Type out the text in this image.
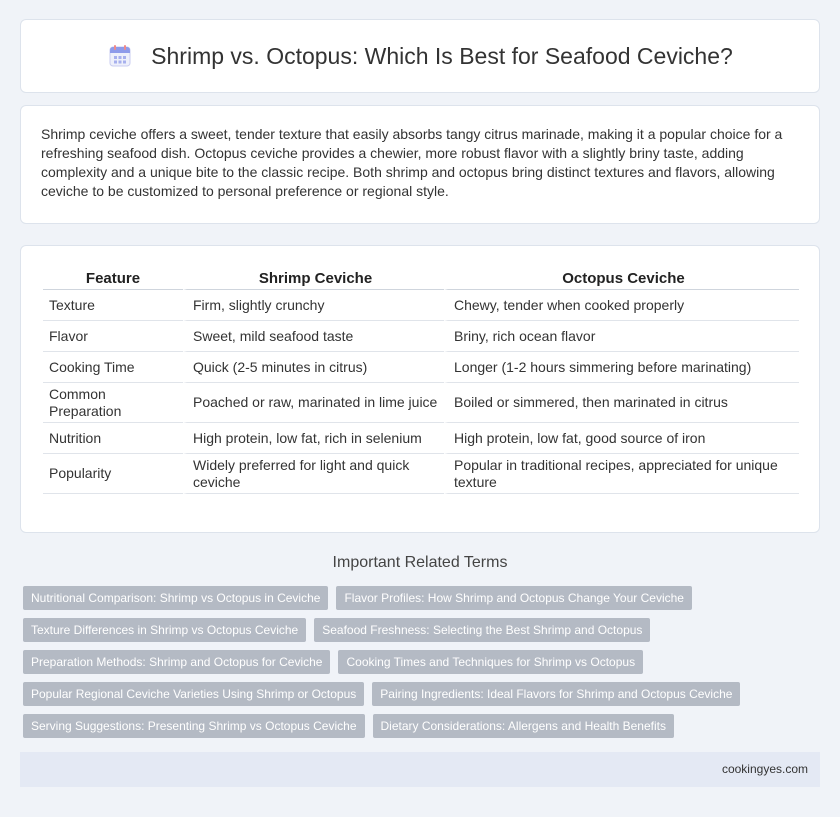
Shrimp vs. Octopus: Which Is Best for Seafood Ceviche?

Shrimp ceviche offers a sweet, tender texture that easily absorbs tangy citrus marinade, making it a popular choice for a refreshing seafood dish. Octopus ceviche provides a chewier, more robust flavor with a slightly briny taste, adding complexity and a unique bite to the classic recipe. Both shrimp and octopus bring distinct textures and flavors, allowing ceviche to be customized to personal preference or regional style.

Feature	Shrimp Ceviche	Octopus Ceviche
Texture	Firm, slightly crunchy	Chewy, tender when cooked properly
Flavor	Sweet, mild seafood taste	Briny, rich ocean flavor
Cooking Time	Quick (2-5 minutes in citrus)	Longer (1-2 hours simmering before marinating)
Common Preparation	Poached or raw, marinated in lime juice	Boiled or simmered, then marinated in citrus
Nutrition	High protein, low fat, rich in selenium	High protein, low fat, good source of iron
Popularity	Widely preferred for light and quick ceviche	Popular in traditional recipes, appreciated for unique texture
Important Related Terms
Nutritional Comparison: Shrimp vs Octopus in Ceviche	Flavor Profiles: How Shrimp and Octopus Change Your Ceviche
Texture Differences in Shrimp vs Octopus Ceviche	Seafood Freshness: Selecting the Best Shrimp and Octopus
Preparation Methods: Shrimp and Octopus for Ceviche	Cooking Times and Techniques for Shrimp vs Octopus
Popular Regional Ceviche Varieties Using Shrimp or Octopus	Pairing Ingredients: Ideal Flavors for Shrimp and Octopus Ceviche
Serving Suggestions: Presenting Shrimp vs Octopus Ceviche	Dietary Considerations: Allergens and Health Benefits
cookingyes.com
